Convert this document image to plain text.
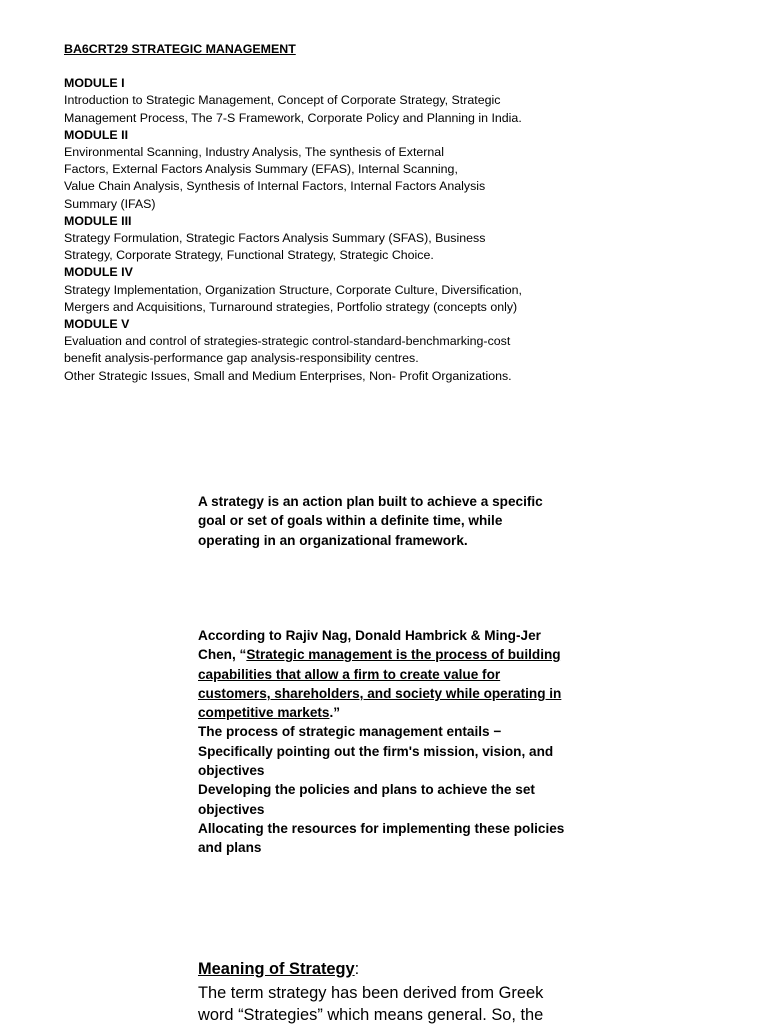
BA6CRT29 STRATEGIC MANAGEMENT

MODULE I

Introduction to Strategic Management, Concept of Corporate Strategy, Strategic

Management Process, The 7-S Framework, Corporate Policy and Planning in India.

MODULE II

Environmental Scanning, Industry Analysis, The synthesis of External

Factors, External Factors Analysis Summary (EFAS), Internal Scanning,

Value Chain Analysis, Synthesis of Internal Factors, Internal Factors Analysis

Summary (IFAS)

MODULE III

Strategy Formulation, Strategic Factors Analysis Summary (SFAS), Business

Strategy, Corporate Strategy, Functional Strategy, Strategic Choice.

MODULE IV

Strategy Implementation, Organization Structure, Corporate Culture, Diversification,

Mergers and Acquisitions, Turnaround strategies, Portfolio strategy (concepts only)

MODULE V

Evaluation and control of strategies-strategic control-standard-benchmarking-cost

benefit analysis-performance gap analysis-responsibility centres.

Other Strategic Issues, Small and Medium Enterprises, Non- Profit Organizations.

A strategy is an action plan built to achieve a specific

goal or set of goals within a definite time, while

operating in an organizational framework.

According to Rajiv Nag, Donald Hambrick & Ming-Jer

Chen, “Strategic management is the process of building

capabilities that allow a firm to create value for

customers, shareholders, and society while operating in

competitive markets.”

The process of strategic management entails −

Specifically pointing out the firm's mission, vision, and

objectives

Developing the policies and plans to achieve the set

objectives

Allocating the resources for implementing these policies

and plans

Meaning of Strategy:

The term strategy has been derived from Greek

word “Strategies” which means general. So, the
